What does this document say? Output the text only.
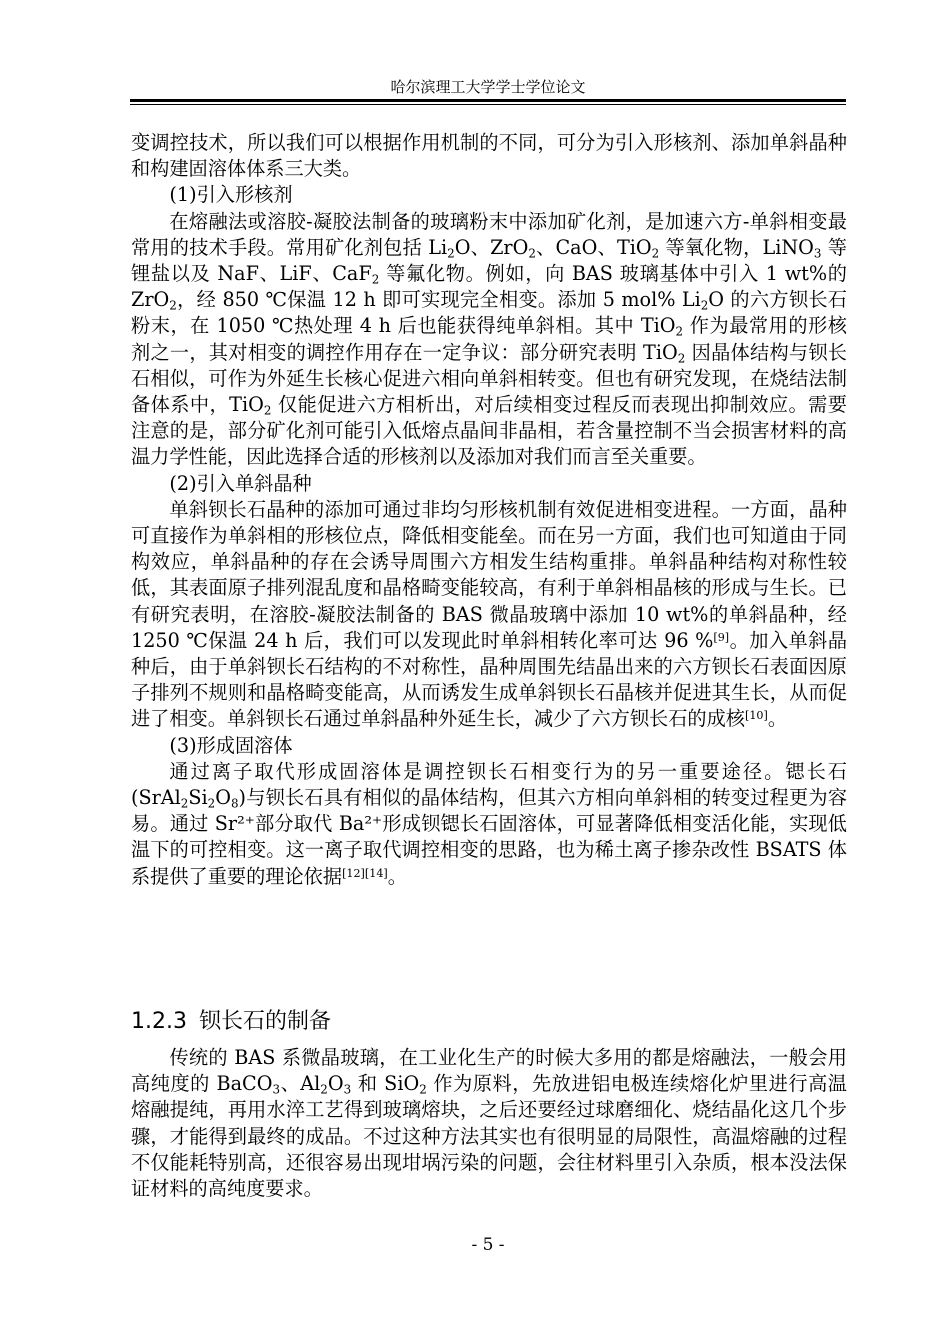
哈尔滨理工大学学士学位论文

变调控技术，所以我们可以根据作用机制的不同，可分为引入形核剂、添加单斜晶种和构建固溶体体系三大类。

(1)引入形核剂

在熔融法或溶胶-凝胶法制备的玻璃粉末中添加矿化剂，是加速六方-单斜相变最常用的技术手段。常用矿化剂包括 $Li_2O$、ZrO$_2$、CaO、TiO$_2$ 等氧化物，LiNO$_3$ 等锂盐以及 NaF、LiF、CaF$_2$ 等氟化物。例如，向 BAS 玻璃基体中引入 1 wt%的 ZrO$_2$，经 850 ℃保温 12 h 即可实现完全相变。添加 5 mol% $Li_2O$ 的六方钡长石粉末，在 1050 ℃热处理 4 h 后也能获得纯单斜相。其中 TiO$_2$ 作为最常用的形核剂之一，其对相变的调控作用存在一定争议：部分研究表明 TiO$_2$ 因晶体结构与钡长石相似，可作为外延生长核心促进六相向单斜相转变。但也有研究发现，在烧结法制备体系中，TiO$_2$ 仅能促进六方相析出，对后续相变过程反而表现出抑制效应。需要注意的是，部分矿化剂可能引入低熔点晶间非晶相，若含量控制不当会损害材料的高温力学性能，因此选择合适的形核剂以及添加对我们而言至关重要。

(2)引入单斜晶种

单斜钡长石晶种的添加可通过非均匀形核机制有效促进相变进程。一方面，晶种可直接作为单斜相的形核位点，降低相变能垒。而在另一方面，我们也可知道由于同构效应，单斜晶种的存在会诱导周围六方相发生结构重排。单斜晶种结构对称性较低，其表面原子排列混乱度和晶格畸变能较高，有利于单斜相晶核的形成与生长。已有研究表明，在溶胶-凝胶法制备的 BAS 微晶玻璃中添加 10 wt%的单斜晶种，经 1250 ℃保温 24 h 后，我们可以发现此时单斜相转化率可达 96 %[9]。加入单斜晶种后，由于单斜钡长石结构的不对称性，晶种周围先结晶出来的六方钡长石表面因原子排列不规则和晶格畸变能高，从而诱发生成单斜钡长石晶核并促进其生长，从而促进了相变。单斜钡长石通过单斜晶种外延生长，减少了六方钡长石的成核[10]。

(3)形成固溶体

通过离子取代形成固溶体是调控钡长石相变行为的另一重要途径。锶长石$(SrAl_2Si_2O_8)$与钡长石具有相似的晶体结构，但其六方相向单斜相的转变过程更为容易。通过 Sr²⁺部分取代 Ba²⁺形成钡锶长石固溶体，可显著降低相变活化能，实现低温下的可控相变。这一离子取代调控相变的思路，也为稀土离子掺杂改性 BSATS 体系提供了重要的理论依据[12][14]。

1.2.3 钡长石的制备

传统的 BAS 系微晶玻璃，在工业化生产的时候大多用的都是熔融法，一般会用高纯度的 BaCO$_3$、$Al_2O_3$ 和 SiO$_2$ 作为原料，先放进铝电极连续熔化炉里进行高温熔融提纯，再用水淬工艺得到玻璃熔块，之后还要经过球磨细化、烧结晶化这几个步骤，才能得到最终的成品。不过这种方法其实也有很明显的局限性，高温熔融的过程不仅能耗特别高，还很容易出现坩埚污染的问题，会往材料里引入杂质，根本没法保证材料的高纯度要求。

- 5 -
